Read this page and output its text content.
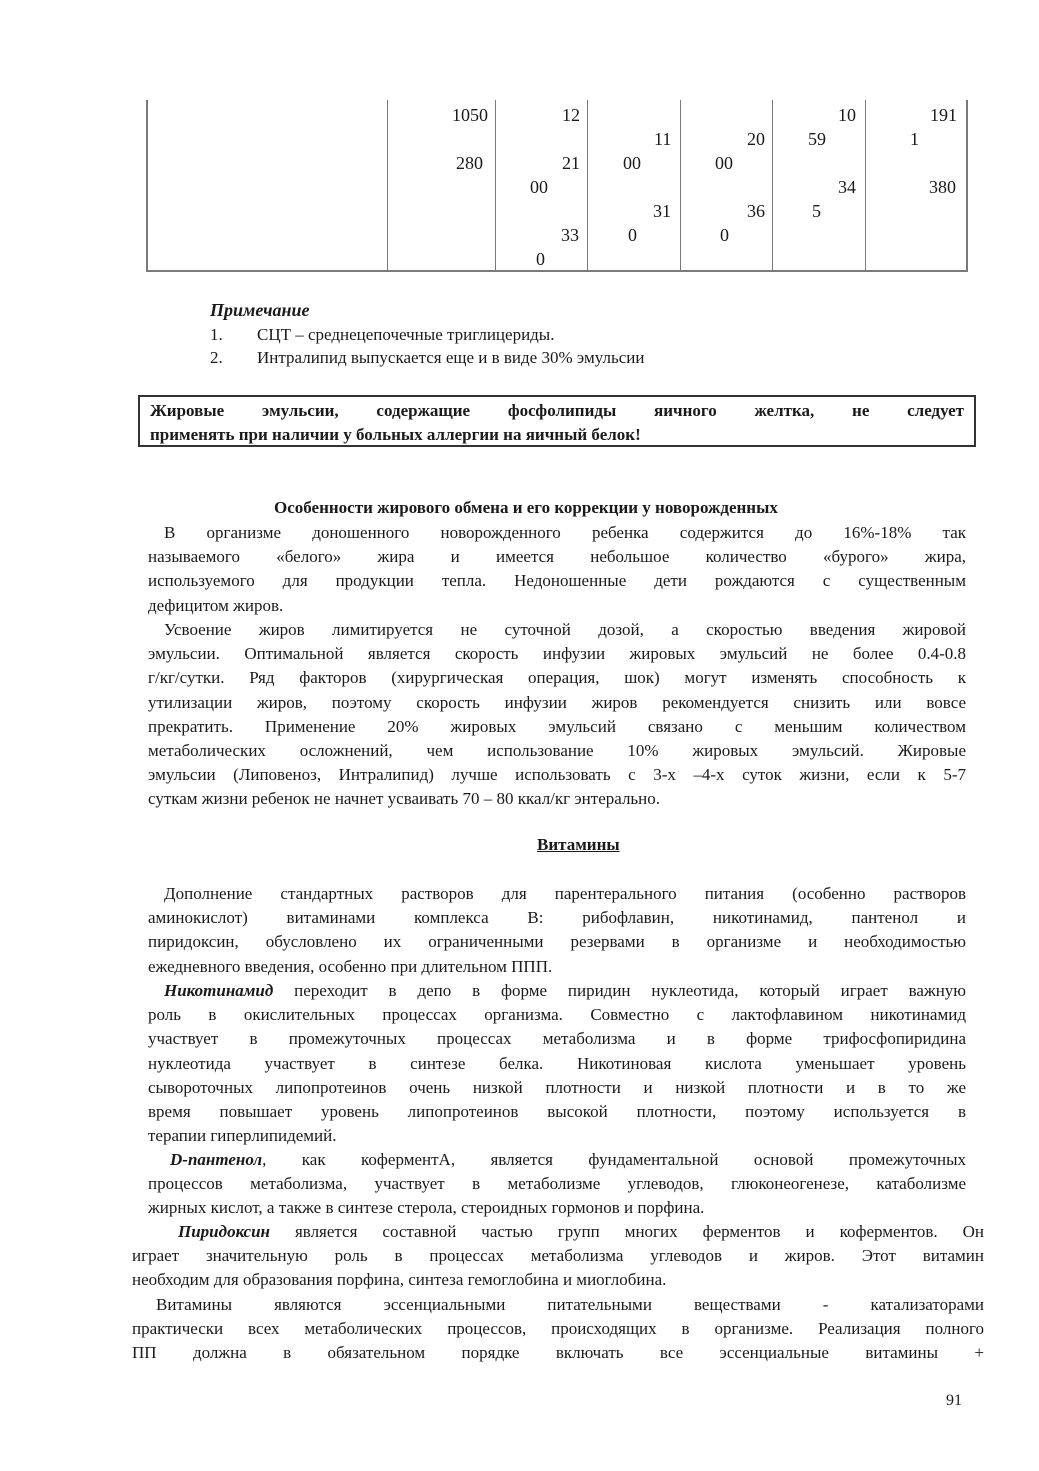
1050
280
12
21
00
33
0
11
00
31
0
20
00
36
0
10
59
34
5
191
1
380
Примечание
1. СЦТ – среднецепочечные триглицериды.
2. Интралипид выпускается еще и в виде 30% эмульсии
Жировые эмульсии, содержащие фосфолипиды яичного желтка, не следует
применять при наличии у больных аллергии на яичный белок!
Особенности жирового обмена и его коррекции у новорожденных
В организме доношенного новорожденного ребенка содержится до 16%-18% так
называемого «белого» жира и имеется небольшое количество «бурого» жира,
используемого для продукции тепла. Недоношенные дети рождаются с существенным
дефицитом жиров.
Усвоение жиров лимитируется не суточной дозой, а скоростью введения жировой
эмульсии. Оптимальной является скорость инфузии жировых эмульсий не более 0.4-0.8
г/кг/сутки. Ряд факторов (хирургическая операция, шок) могут изменять способность к
утилизации жиров, поэтому скорость инфузии жиров рекомендуется снизить или вовсе
прекратить. Применение 20% жировых эмульсий связано с меньшим количеством
метаболических осложнений, чем использование 10% жировых эмульсий. Жировые
эмульсии (Липовеноз, Интралипид) лучше использовать с 3-х –4-х суток жизни, если к 5-7
суткам жизни ребенок не начнет усваивать 70 – 80 ккал/кг энтерально.
Витамины
Дополнение стандартных растворов для парентерального питания (особенно растворов
аминокислот) витаминами комплекса В: рибофлавин, никотинамид, пантенол и
пиридоксин, обусловлено их ограниченными резервами в организме и необходимостью
ежедневного введения, особенно при длительном ППП.
Никотинамид переходит в депо в форме пиридин нуклеотида, который играет важную
роль в окислительных процессах организма. Совместно с лактофлавином никотинамид
участвует в промежуточных процессах метаболизма и в форме трифосфопиридина
нуклеотида участвует в синтезе белка. Никотиновая кислота уменьшает уровень
сывороточных липопротеинов очень низкой плотности и низкой плотности и в то же
время повышает уровень липопротеинов высокой плотности, поэтому используется в
терапии гиперлипидемий.
D-пантенол, как коферментА, является фундаментальной основой промежуточных
процессов метаболизма, участвует в метаболизме углеводов, глюконеогенезе, катаболизме
жирных кислот, а также в синтезе стерола, стероидных гормонов и порфина.
Пиридоксин является составной частью групп многих ферментов и коферментов. Он
играет значительную роль в процессах метаболизма углеводов и жиров. Этот витамин
необходим для образования порфина, синтеза гемоглобина и миоглобина.
Витамины являются эссенциальными питательными веществами - катализаторами
практически всех метаболических процессов, происходящих в организме. Реализация полного
ПП должна в обязательном порядке включать все эссенциальные витамины +
91
